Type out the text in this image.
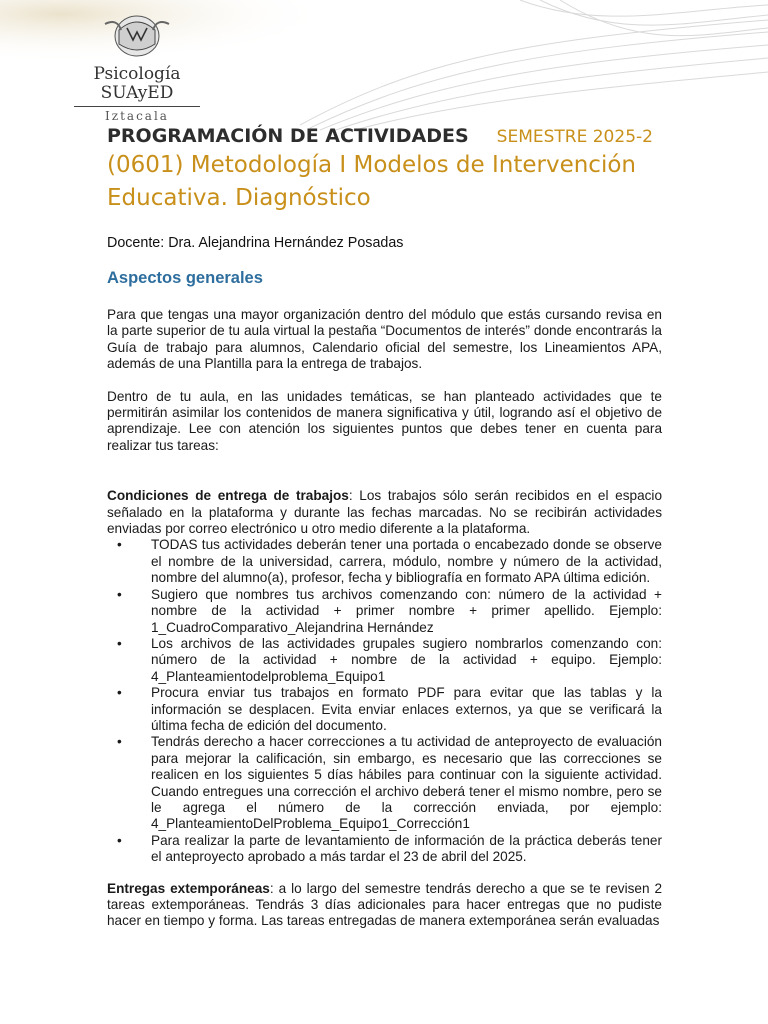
Psicología
SUAyED
Iztacala
PROGRAMACIÓN DE ACTIVIDADES SEMESTRE 2025-2
(0601) Metodología I Modelos de Intervención Educativa. Diagnóstico
Docente: Dra. Alejandrina Hernández Posadas
Aspectos generales

Para que tengas una mayor organización dentro del módulo que estás cursando revisa en la parte superior de tu aula virtual la pestaña “Documentos de interés” donde encontrarás la Guía de trabajo para alumnos, Calendario oficial del semestre, los Lineamientos APA, además de una Plantilla para la entrega de trabajos.

Dentro de tu aula, en las unidades temáticas, se han planteado actividades que te permitirán asimilar los contenidos de manera significativa y útil, logrando así el objetivo de aprendizaje. Lee con atención los siguientes puntos que debes tener en cuenta para realizar tus tareas:

Condiciones de entrega de trabajos: Los trabajos sólo serán recibidos en el espacio señalado en la plataforma y durante las fechas marcadas. No se recibirán actividades enviadas por correo electrónico u otro medio diferente a la plataforma.

• TODAS tus actividades deberán tener una portada o encabezado donde se observe el nombre de la universidad, carrera, módulo, nombre y número de la actividad, nombre del alumno(a), profesor, fecha y bibliografía en formato APA última edición.
• Sugiero que nombres tus archivos comenzando con: número de la actividad + nombre de la actividad + primer nombre + primer apellido. Ejemplo: 1_CuadroComparativo_Alejandrina Hernández
• Los archivos de las actividades grupales sugiero nombrarlos comenzando con: número de la actividad + nombre de la actividad + equipo. Ejemplo: 4_Planteamientodelproblema_Equipo1
• Procura enviar tus trabajos en formato PDF para evitar que las tablas y la información se desplacen. Evita enviar enlaces externos, ya que se verificará la última fecha de edición del documento.
• Tendrás derecho a hacer correcciones a tu actividad de anteproyecto de evaluación para mejorar la calificación, sin embargo, es necesario que las correcciones se realicen en los siguientes 5 días hábiles para continuar con la siguiente actividad. Cuando entregues una corrección el archivo deberá tener el mismo nombre, pero se le agrega el número de la corrección enviada, por ejemplo: 4_PlanteamientoDelProblema_Equipo1_Corrección1
• Para realizar la parte de levantamiento de información de la práctica deberás tener el anteproyecto aprobado a más tardar el 23 de abril del 2025.

Entregas extemporáneas: a lo largo del semestre tendrás derecho a que se te revisen 2 tareas extemporáneas. Tendrás 3 días adicionales para hacer entregas que no pudiste hacer en tiempo y forma. Las tareas entregadas de manera extemporánea serán evaluadas
